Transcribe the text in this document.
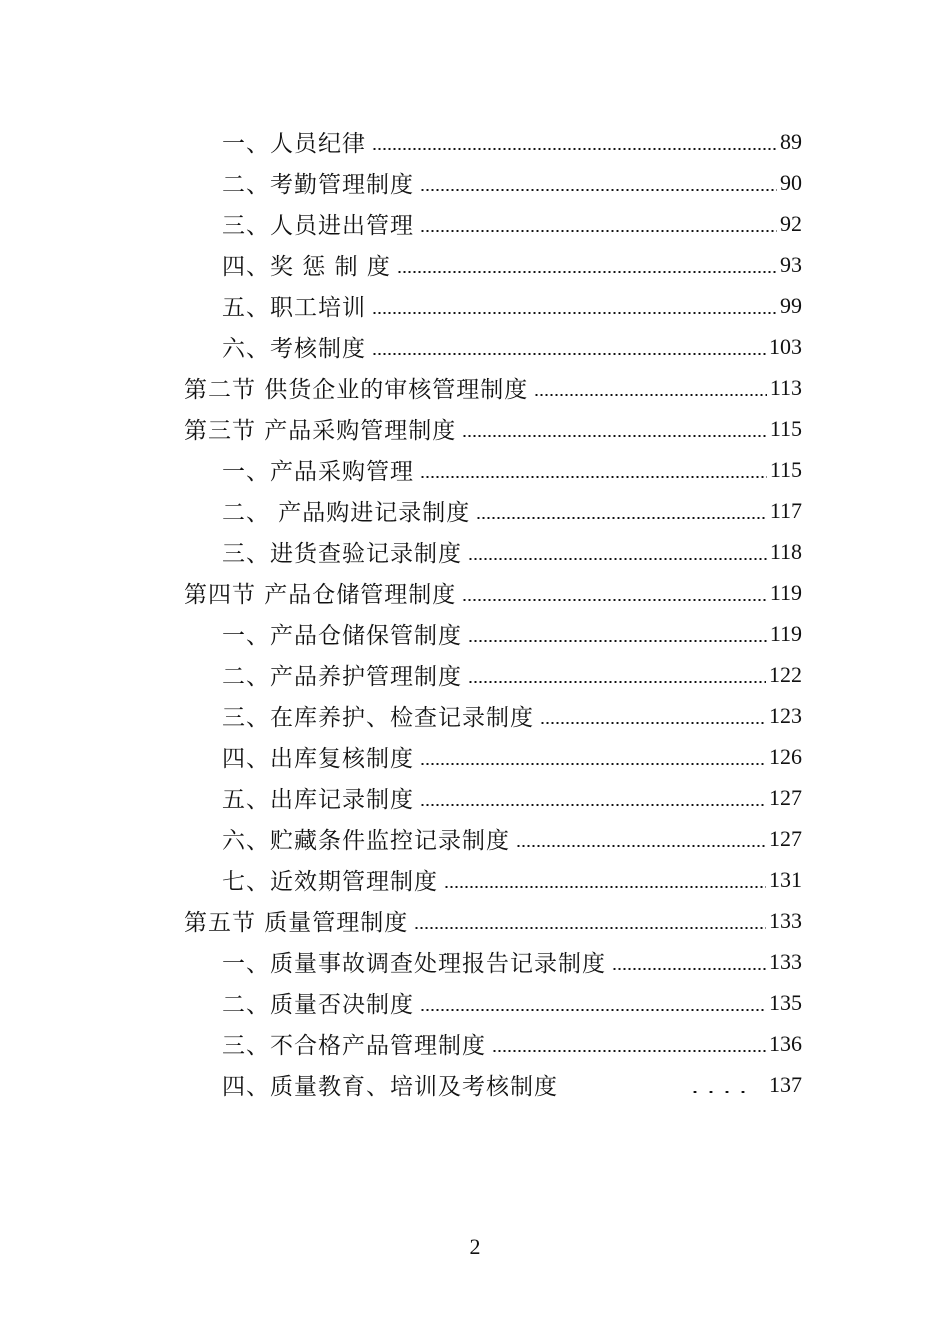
一、人员纪律	89
二、考勤管理制度	90
三、人员进出管理	92
四、奖 惩 制 度	93
五、职工培训	99
六、考核制度	103
第二节 供货企业的审核管理制度	113
第三节 产品采购管理制度	115
一、产品采购管理	115
二、 产品购进记录制度	117
三、进货查验记录制度	118
第四节 产品仓储管理制度	119
一、产品仓储保管制度	119
二、产品养护管理制度	122
三、在库养护、检查记录制度	123
四、出库复核制度	126
五、出库记录制度	127
六、贮藏条件监控记录制度	127
七、近效期管理制度	131
第五节 质量管理制度	133
一、质量事故调查处理报告记录制度	133
二、质量否决制度	135
三、不合格产品管理制度	136
四、质量教育、培训及考核制度	137
2
